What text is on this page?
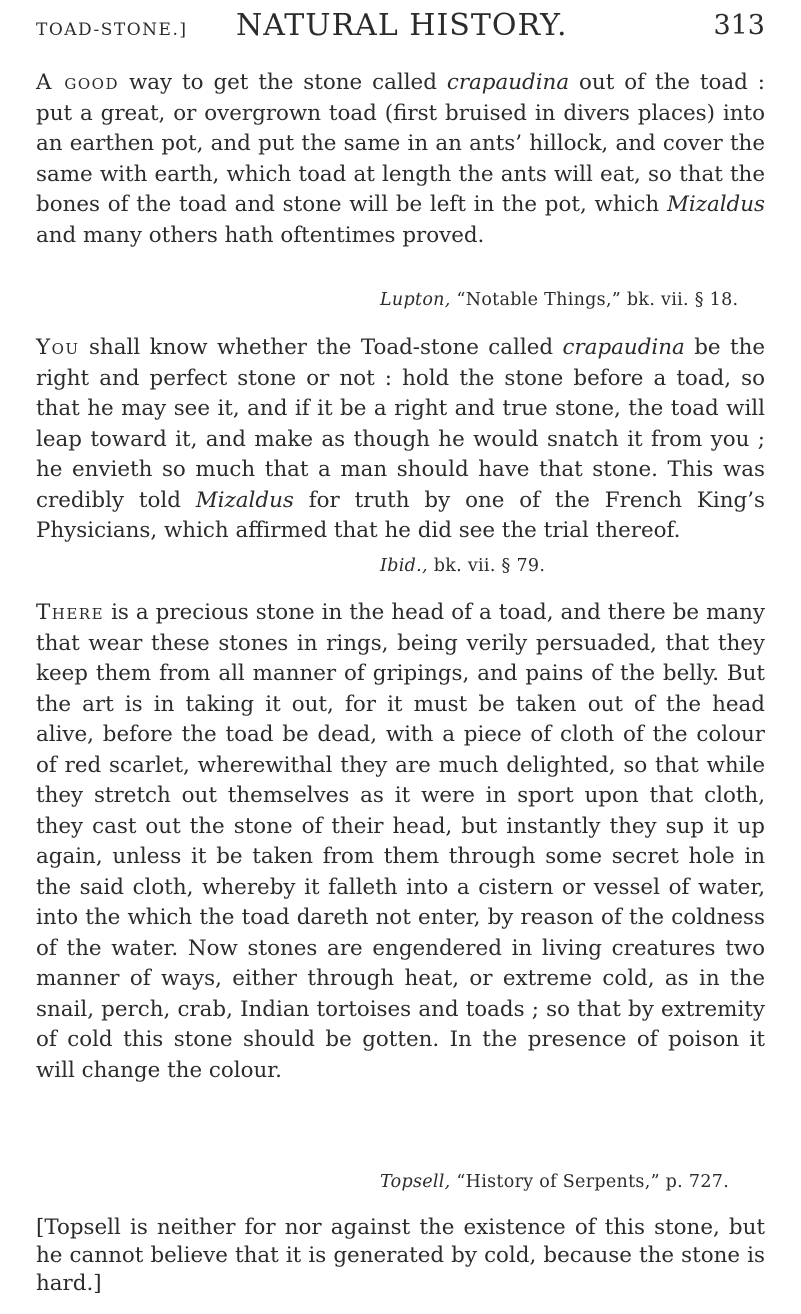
TOAD-STONE.] NATURAL HISTORY.	313

A good way to get the stone called crapaudina out of the toad : put a great, or overgrown toad (first bruised in divers places) into an earthen pot, and put the same in an ants’ hillock, and cover the same with earth, which toad at length the ants will eat, so that the bones of the toad and stone will be left in the pot, which Mizaldus and many others hath oftentimes proved.

Lupton, “Notable Things,” bk. vii. § 18.

You shall know whether the Toad-stone called crapaudina be the right and perfect stone or not : hold the stone before a toad, so that he may see it, and if it be a right and true stone, the toad will leap toward it, and make as though he would snatch it from you ; he envieth so much that a man should have that stone. This was credibly told Mizaldus for truth by one of the French King’s Physicians, which affirmed that he did see the trial thereof.

Ibid., bk. vii. § 79.

There is a precious stone in the head of a toad, and there be many that wear these stones in rings, being verily persuaded, that they keep them from all manner of gripings, and pains of the belly. But the art is in taking it out, for it must be taken out of the head alive, before the toad be dead, with a piece of cloth of the colour of red scarlet, wherewithal they are much delighted, so that while they stretch out themselves as it were in sport upon that cloth, they cast out the stone of their head, but instantly they sup it up again, unless it be taken from them through some secret hole in the said cloth, whereby it falleth into a cistern or vessel of water, into the which the toad dareth not enter, by reason of the coldness of the water. Now stones are engendered in living creatures two manner of ways, either through heat, or extreme cold, as in the snail, perch, crab, Indian tortoises and toads ; so that by extremity of cold this stone should be gotten. In the presence of poison it will change the colour.

Topsell, “History of Serpents,” p. 727.

[Topsell is neither for nor against the existence of this stone, but he cannot believe that it is generated by cold, because the stone is hard.]
